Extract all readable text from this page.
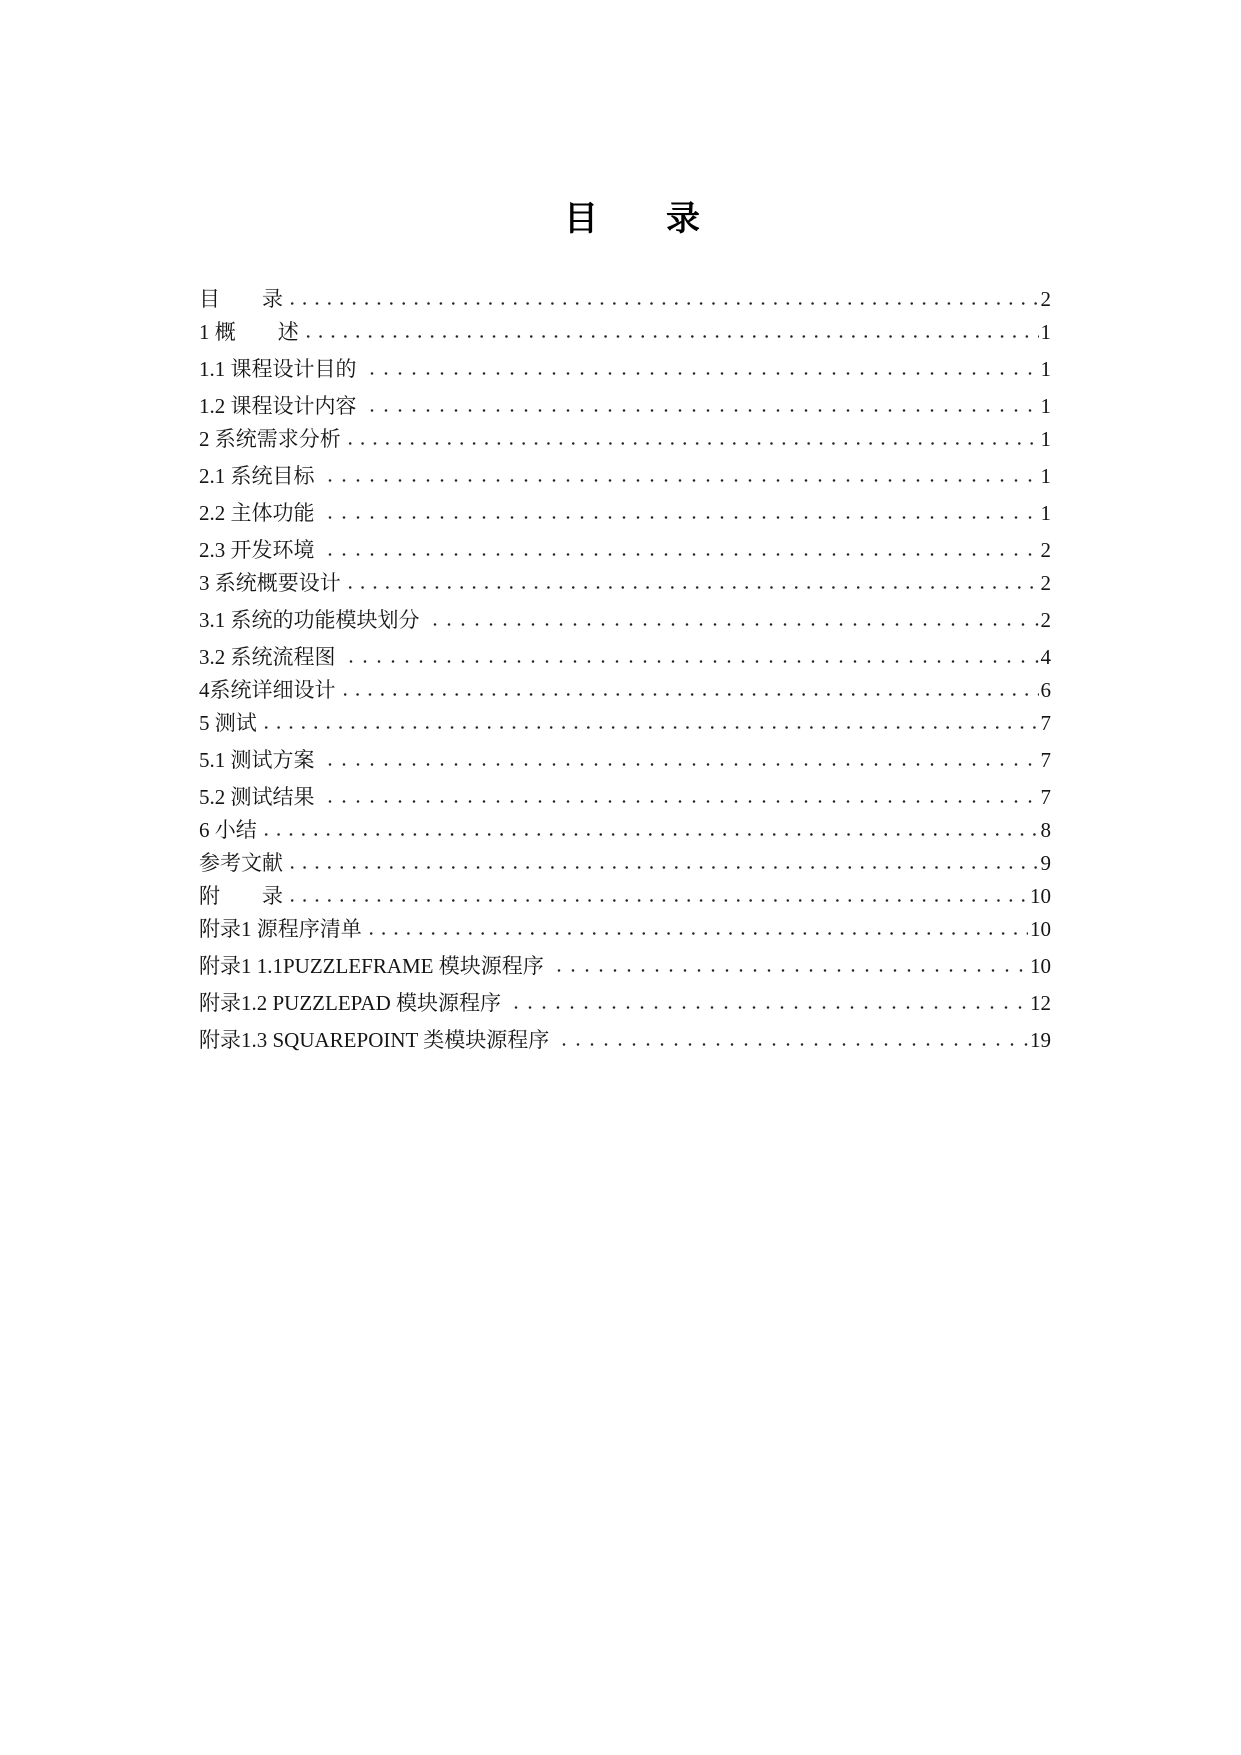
目　　录
目　　录	2
1 概　　述	1
1.1 课程设计目的	1
1.2 课程设计内容	1
2 系统需求分析	1
2.1 系统目标	1
2.2 主体功能	1
2.3 开发环境	2
3 系统概要设计	2
3.1 系统的功能模块划分	2
3.2 系统流程图	4
4系统详细设计	6
5 测试	7
5.1 测试方案	7
5.2 测试结果	7
6 小结	8
参考文献	9
附　　录	10
附录1 源程序清单	10
附录1 1.1PUZZLEFRAME 模块源程序	10
附录1.2 PUZZLEPAD 模块源程序	12
附录1.3 SQUAREPOINT 类模块源程序	19
